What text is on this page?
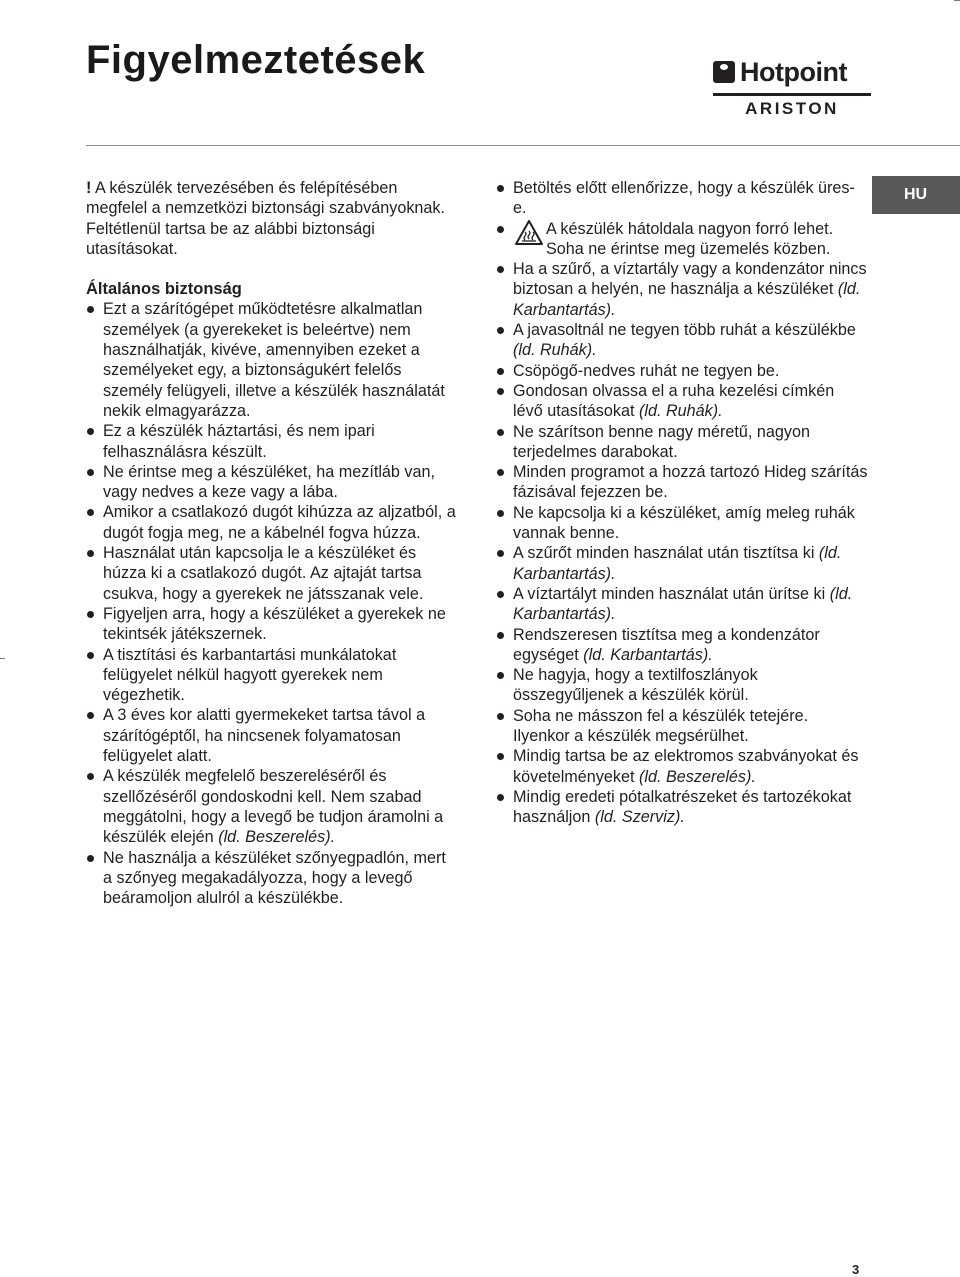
Figyelmeztetések	Hotpoint
ARISTON
HU

! A készülék tervezésében és felépítésében megfelel a nemzetközi biztonsági szabványoknak. Feltétlenül tartsa be az alábbi biztonsági utasításokat.

Általános biztonság
Ezt a szárítógépet működtetésre alkalmatlan személyek (a gyerekeket is beleértve) nem használhatják, kivéve, amennyiben ezeket a személyeket egy, a biztonságukért felelős személy felügyeli, illetve a készülék használatát nekik elmagyarázza.
Ez a készülék háztartási, és nem ipari felhasználásra készült.
Ne érintse meg a készüléket, ha mezítláb van, vagy nedves a keze vagy a lába.
Amikor a csatlakozó dugót kihúzza az aljzatból, a dugót fogja meg, ne a kábelnél fogva húzza.
Használat után kapcsolja le a készüléket és húzza ki a csatlakozó dugót. Az ajtaját tartsa csukva, hogy a gyerekek ne játsszanak vele.
Figyeljen arra, hogy a készüléket a gyerekek ne tekintsék játékszernek.
A tisztítási és karbantartási munkálatokat felügyelet nélkül hagyott gyerekek nem végezhetik.
A 3 éves kor alatti gyermekeket tartsa távol a szárítógéptől, ha nincsenek folyamatosan felügyelet alatt.
A készülék megfelelő beszereléséről és szellőzéséről gondoskodni kell. Nem szabad meggátolni, hogy a levegő be tudjon áramolni a készülék elején (ld. Beszerelés).
Ne használja a készüléket szőnyegpadlón, mert a szőnyeg megakadályozza, hogy a levegő beáramoljon alulról a készülékbe.
Betöltés előtt ellenőrizze, hogy a készülék üres-e.
A készülék hátoldala nagyon forró lehet. Soha ne érintse meg üzemelés közben.
Ha a szűrő, a víztartály vagy a kondenzátor nincs biztosan a helyén, ne használja a készüléket (ld. Karbantartás).
A javasoltnál ne tegyen több ruhát a készülékbe (ld. Ruhák).
Csöpögő-nedves ruhát ne tegyen be.
Gondosan olvassa el a ruha kezelési címkén lévő utasításokat (ld. Ruhák).
Ne szárítson benne nagy méretű, nagyon terjedelmes darabokat.
Minden programot a hozzá tartozó Hideg szárítás fázisával fejezzen be.
Ne kapcsolja ki a készüléket, amíg meleg ruhák vannak benne.
A szűrőt minden használat után tisztítsa ki (ld. Karbantartás).
A víztartályt minden használat után ürítse ki (ld. Karbantartás).
Rendszeresen tisztítsa meg a kondenzátor egységet (ld. Karbantartás).
Ne hagyja, hogy a textilfoszlányok összegyűljenek a készülék körül.
Soha ne másszon fel a készülék tetejére. Ilyenkor a készülék megsérülhet.
Mindig tartsa be az elektromos szabványokat és követelményeket (ld. Beszerelés).
Mindig eredeti pótalkatrészeket és tartozékokat használjon (ld. Szerviz).
3
